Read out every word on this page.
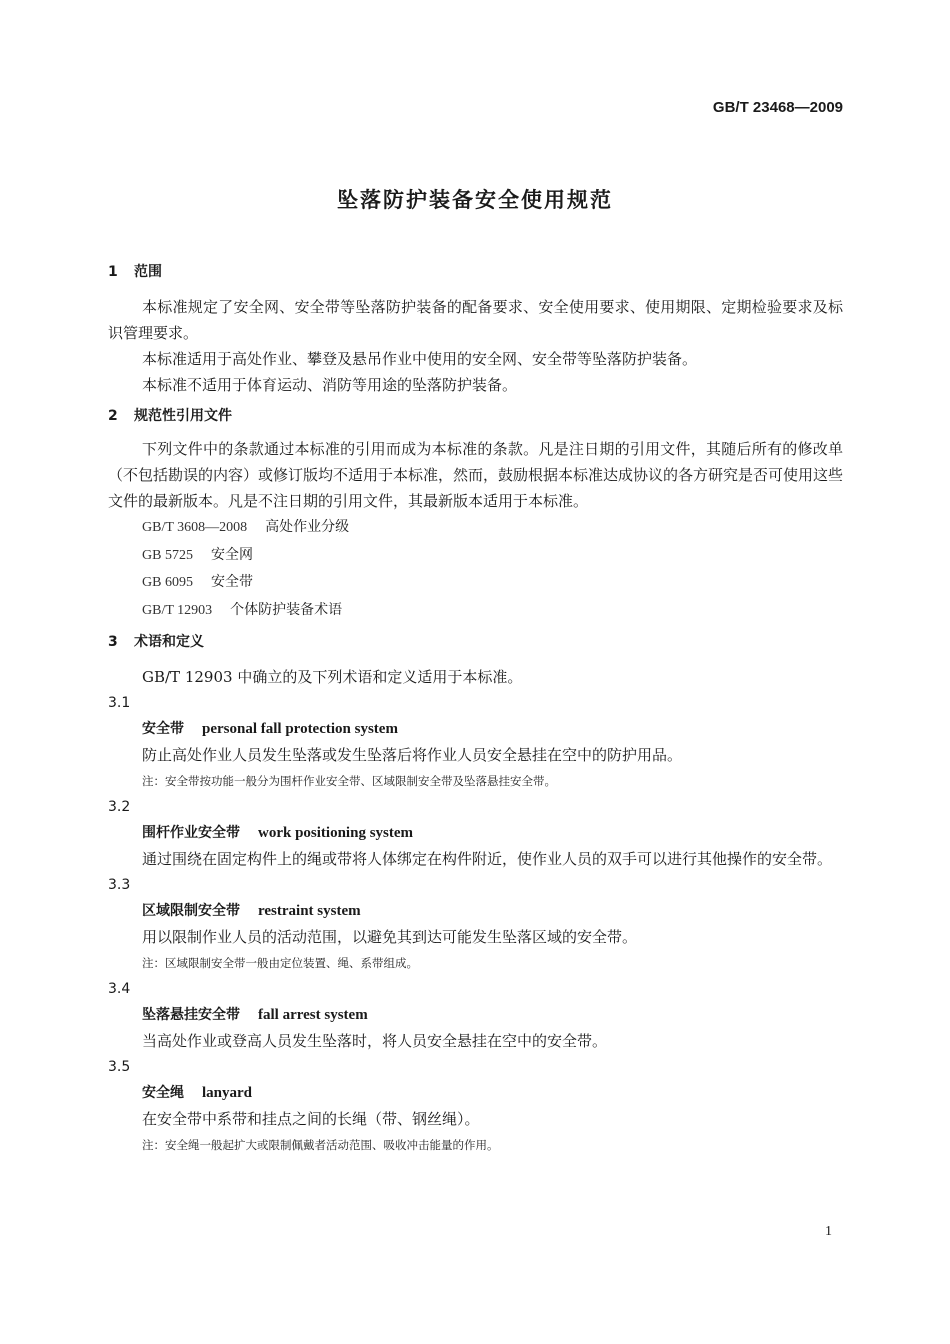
GB/T 23468—2009
坠落防护装备安全使用规范
1 范围
本标准规定了安全网、安全带等坠落防护装备的配备要求、安全使用要求、使用期限、定期检验要求及标识管理要求。
本标准适用于高处作业、攀登及悬吊作业中使用的安全网、安全带等坠落防护装备。
本标准不适用于体育运动、消防等用途的坠落防护装备。
2 规范性引用文件
下列文件中的条款通过本标准的引用而成为本标准的条款。凡是注日期的引用文件，其随后所有的修改单（不包括勘误的内容）或修订版均不适用于本标准，然而，鼓励根据本标准达成协议的各方研究是否可使用这些文件的最新版本。凡是不注日期的引用文件，其最新版本适用于本标准。
GB/T 3608—2008 高处作业分级
GB 5725 安全网
GB 6095 安全带
GB/T 12903 个体防护装备术语
3 术语和定义
GB/T 12903 中确立的及下列术语和定义适用于本标准。
3.1
安全带 personal fall protection system
防止高处作业人员发生坠落或发生坠落后将作业人员安全悬挂在空中的防护用品。
注：安全带按功能一般分为围杆作业安全带、区域限制安全带及坠落悬挂安全带。
3.2
围杆作业安全带 work positioning system
通过围绕在固定构件上的绳或带将人体绑定在构件附近，使作业人员的双手可以进行其他操作的安全带。
3.3
区域限制安全带 restraint system
用以限制作业人员的活动范围，以避免其到达可能发生坠落区域的安全带。
注：区域限制安全带一般由定位装置、绳、系带组成。
3.4
坠落悬挂安全带 fall arrest system
当高处作业或登高人员发生坠落时，将人员安全悬挂在空中的安全带。
3.5
安全绳 lanyard
在安全带中系带和挂点之间的长绳（带、钢丝绳）。
注：安全绳一般起扩大或限制佩戴者活动范围、吸收冲击能量的作用。
1
